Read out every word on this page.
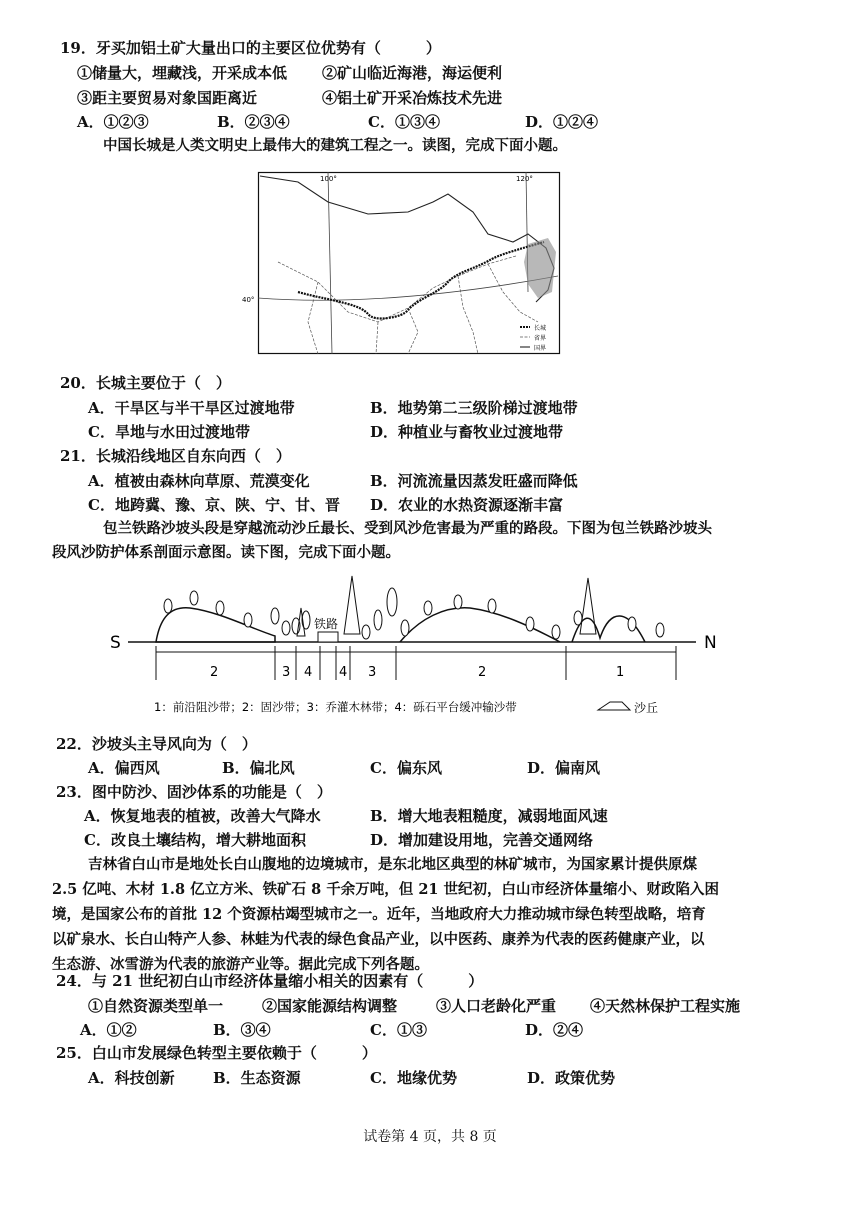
19．牙买加铝土矿大量出口的主要区位优势有（　　　）
①储量大，埋藏浅，开采成本低 ②矿山临近海港，海运便利
③距主要贸易对象国距离近	④铝土矿开采冶炼技术先进
A．①②③	B．②③④	C．①③④	D．①②④
中国长城是人类文明史上最伟大的建筑工程之一。读图，完成下面小题。
100°	120°
40°
长城
省界
国界
20．长城主要位于（　）
A．干旱区与半干旱区过渡地带	B．地势第二三级阶梯过渡地带
C．旱地与水田过渡地带	D．种植业与畜牧业过渡地带
21．长城沿线地区自东向西（　）
A．植被由森林向草原、荒漠变化	B．河流流量因蒸发旺盛而降低
C．地跨冀、豫、京、陕、宁、甘、晋 D．农业的水热资源逐渐丰富
包兰铁路沙坡头段是穿越流动沙丘最长、受到风沙危害最为严重的路段。下图为包兰铁路沙坡头
段风沙防护体系剖面示意图。读下图，完成下面小题。
S	N
铁路
2	3 4 4 3	2	1
1：前沿阻沙带；2：固沙带；3：乔灌木林带；4：砾石平台缓冲输沙带	沙丘
22．沙坡头主导风向为（　）
A．偏西风	B．偏北风	C．偏东风	D．偏南风
23．图中防沙、固沙体系的功能是（　）
A．恢复地表的植被，改善大气降水	B．增大地表粗糙度，减弱地面风速
C．改良土壤结构，增大耕地面积	D．增加建设用地，完善交通网络
吉林省白山市是地处长白山腹地的边境城市，是东北地区典型的林矿城市，为国家累计提供原煤
2.5 亿吨、木材 1.8 亿立方米、铁矿石 8 千余万吨，但 21 世纪初，白山市经济体量缩小、财政陷入困
境，是国家公布的首批 12 个资源枯竭型城市之一。近年，当地政府大力推动城市绿色转型战略，培育
以矿泉水、长白山特产人参、林蛙为代表的绿色食品产业，以中医药、康养为代表的医药健康产业，以
生态游、冰雪游为代表的旅游产业等。据此完成下列各题。
24．与 21 世纪初白山市经济体量缩小相关的因素有（　　　）
①自然资源类型单一	②国家能源结构调整	③人口老龄化严重 ④天然林保护工程实施
A．①②	B．③④	C．①③	D．②④
25．白山市发展绿色转型主要依赖于（　　　）
A．科技创新	B．生态资源	C．地缘优势	D．政策优势
试卷第 4 页，共 8 页
